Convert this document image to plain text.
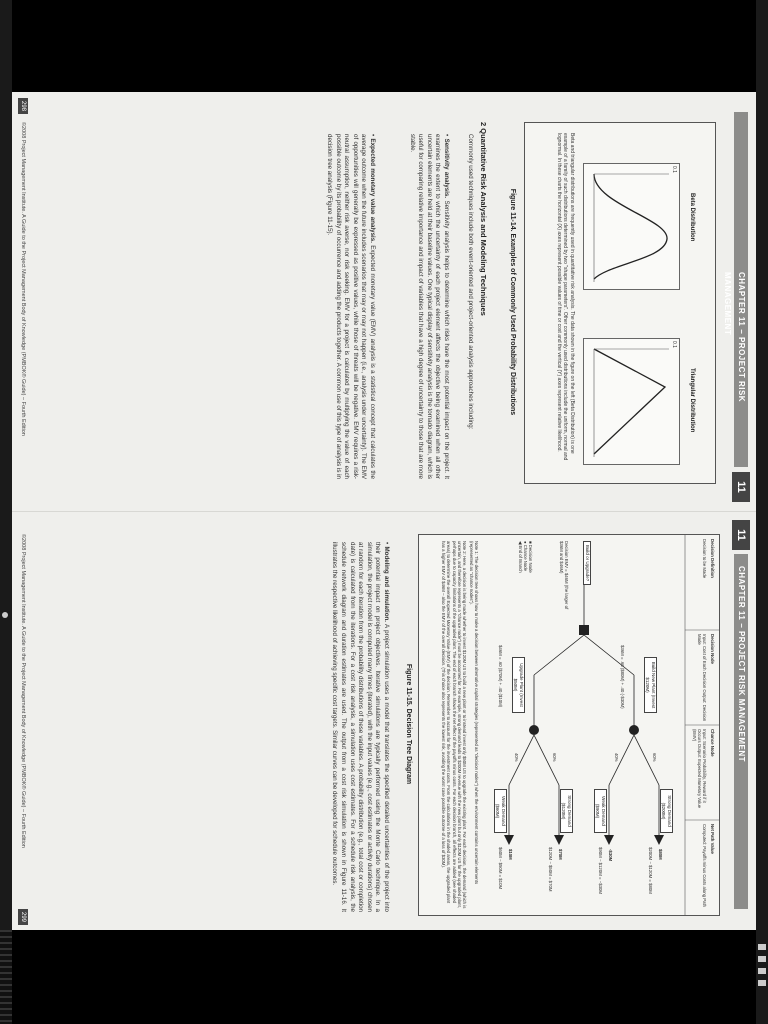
CHAPTER 11 − PROJECT RISK MANAGEMENT
11
Beta Distribution
Triangular Distribution
0.1
0.1
Beta and triangular distributions are frequently used in quantitative risk analysis. The data shown in the figure on the left (Beta Distribution) is one example of a family of such distributions determined by two "shape parameters". Other commonly used distributions include the uniform, normal and lognormal. In these charts the horizontal (X) axes represent possible values of time or cost and the vertical (Y) axes represent relative likelihood.
Figure 11-14. Examples of Commonly Used Probability Distributions
2 Quantitative Risk Analysis and Modeling Techniques
Commonly used techniques include both event-oriented and project-oriented analysis approaches including:
• Sensitivity analysis. Sensitivity analysis helps to determine which risks have the most potential impact on the project. It examines the extent to which the uncertainty of each project element affects the objective being examined when all other uncertain elements are held at their baseline values. One typical display of sensitivity analysis is the tornado diagram, which is useful for comparing relative importance and impact of variables that have a high degree of uncertainty to those that are more stable.
• Expected monetary value analysis. Expected monetary value (EMV) analysis is a statistical concept that calculates the average outcome when the future includes scenarios that may or may not happen (i.e., analysis under uncertainty). The EMV of opportunities will generally be expressed as positive values, while those of threats will be negative. EMV requires a risk-neutral assumption, neither risk averse, nor risk seeking. EMV for a project is calculated by multiplying the value of each possible outcome by its probability of occurrence and adding the products together. A common use of this type of analysis is in decision tree analysis (Figure 11-15).
©2008 Project Management Institute. A Guide to the Project Management Body of Knowledge (PMBOK® Guide) – Fourth Edition
298
11
CHAPTER 11 − PROJECT RISK MANAGEMENT
Decision Definition
Decision Node
Chance Node
Net Path Value
Decision to be Made
Input: Cost of Each Decision Output: Decision Made
Input: Scenario Probability, Reward if it Occurs Output: Expected Monetary Value (EMV)
Computed: Payoffs minus Costs along Path
Build or Upgrade?
Decision EMV = $46M (the larger of $36M and $46M)
Build New Plant (Invest $120M)
Upgrade Plant (Invest $50M)	$36M = .60 ($80M) + .40 (-$30M)
$46M = .60 ($70M) + .40 ($10M)
60%
40%
60%
40%
Strong Demand ($200M)
Weak Demand ($90M)
Strong Demand ($120M)
Weak Demand ($60M)
$80M
-$30M
$70M
$10M	$200M − $120M = $80M
$90M − $120M = −$30M
$120M − $50M = $70M
$60M − $50M = $10M
■ Decision Node
● Chance Node
◀ End of Branch
Note 1: The decision tree shows how to make a decision between alternative capital strategies (represented as "decision nodes") when the environment contains uncertain elements (represented as "chance nodes").
Note 2: Here, a decision is being made whether to invest $120M US to build a new plant or to instead invest only $50M US to upgrade the existing plant. For each decision, the demand (which is uncertain, and therefore represents a "chance node") must be accounted for. For example, strong demand leads to $200M revenue with the new plant but only $120M US for the upgraded plant, perhaps due to capacity limitations of the upgraded plant. The end of each branch shows the net effect of the payoffs minus costs. For each decision branch, all effects are added (see shaded areas) to determine the overall Expected Monetary Value (EMV) of the decision. Remember to account for the investment costs. From the calculations in the shaded areas, the upgraded plant has a higher EMV of $46M – also the EMV of the overall decision. (This choice also represents the lowest risk, avoiding the worst case possible outcome of a loss of $30M).
Figure 11-15. Decision Tree Diagram
• Modeling and simulation. A project simulation uses a model that translates the specified detailed uncertainties of the project into their potential impact on project objectives. Iterative simulations are typically performed using the Monte Carlo technique. In a simulation, the project model is computed many times (iterated), with the input values (e.g., cost estimates or activity durations) chosen at random for each iteration from the probability distributions of these variables. A probability distribution (e.g., total cost or completion date) is calculated from the iterations. For a cost risk analysis, a simulation uses cost estimates. For a schedule risk analysis, the schedule network diagram and duration estimates are used. The output from a cost risk simulation is shown in Figure 11-16. It illustrates the respective likelihood of achieving specific cost targets. Similar curves can be developed for schedule outcomes.
©2008 Project Management Institute. A Guide to the Project Management Body of Knowledge (PMBOK® Guide) – Fourth Edition
299
